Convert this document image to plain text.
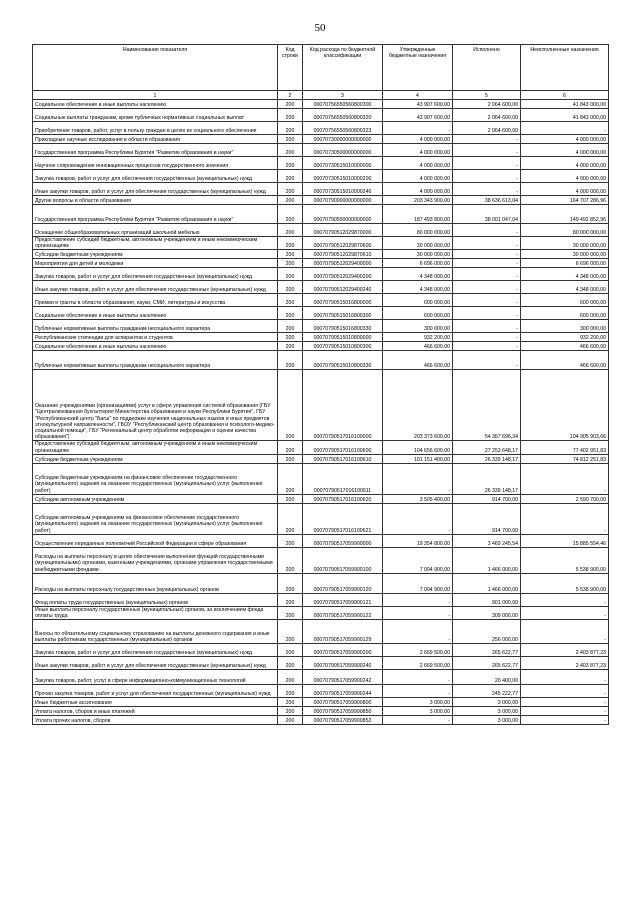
50
Наименование показателя	Код строки	Код расхода по бюджетной классификации	Утвержденные бюджетные назначения	Исполнено	Неисполненные назначения
1	2	3	4	5	6
Социальное обеспечение и иные выплаты населению	200	00070756550560800300	43 907 600,00	2 064 600,00	41 843 000,00
Социальные выплаты гражданам, кроме публичных нормативных социальных выплат	200	00070756550560800320	43 907 600,00	2 064 600,00	41 843 000,00
Приобретение товаров, работ, услуг в пользу граждан в целях их социального обеспечения	200	00070756550560800323	-	2 064 600,00	-
Прикладные научные исследования в области образования	200	00070730000000000000	4 000 000,00	-	4 000 000,00
Государственная программа Республики Бурятия "Развитие образования и науки"	200	00070730500000000000	4 000 000,00	-	4 000 000,00
Научное сопровождение инновационных процессов государственного значения	200	00070730515010000000	4 000 000,00	-	4 000 000,00
Закупка товаров, работ и услуг для обеспечения государственных (муниципальных) нужд	200	00070730515010000200	4 000 000,00	-	4 000 000,00
Иные закупки товаров, работ и услуг для обеспечения государственных (муниципальных) нужд	200	00070730515010000240	4 000 000,00	-	4 000 000,00
Другие вопросы в области образования	200	00070790000000000000	203 343 900,00	38 636 613,04	164 707 286,96
Государственная программа Республики Бурятия "Развитие образования и науки"	200	00070790500000000000	187 493 800,00	38 001 047,04	149 492 852,96
Оснащение общеобразовательных организаций школьной мебелью	200	00070790512029870000	80 000 000,00	-	80 000 000,00
Предоставление субсидий бюджетным, автономным учреждениям и иным некоммерческим организациям	200	00070790512029870600	30 000 000,00	-	30 000 000,00
Субсидии бюджетным учреждениям	200	00070790512029870610	30 000 000,00	-	30 000 000,00
Мероприятия для детей и молодежи	200	00070790512029400000	6 696 000,00	-	6 696 000,00
Закупка товаров, работ и услуг для обеспечения государственных (муниципальных) нужд	200	00070790512029400200	4 348 000,00	-	4 348 000,00
Иные закупки товаров, работ и услуг для обеспечения государственных (муниципальных) нужд	200	00070790512029400240	4 348 000,00	-	4 348 000,00
Премии и гранты в области образования, науки, СМИ, литературы и искусства	200	00070790515016800000	600 000,00	-	600 000,00
Социальное обеспечение и иные выплаты населению	200	00070790515016800300	600 000,00	-	600 000,00
Публичные нормативные выплаты гражданам несоциального характера	200	00070790515016800330	300 000,00	-	300 000,00
Республиканские стипендии для аспирантов и студентов	200	00070790515010800000	932 200,00	-	932 200,00
Социальное обеспечение и иные выплаты населению	200	00070790515010800300	466 600,00	-	466 600,00
Публичные нормативные выплаты гражданам несоциального характера	200	00070790515010800330	466 600,00	-	466 600,00
Оказание учреждениями (организациями) услуг в сфере управления системой образования (ГБУ "Централизованная бухгалтерия Министерства образования и науки Республики Бурятия", ГБУ "Республиканский центр "Багш" по поддержке изучения национальных языков и иных предметов этнокультурной направленности", ГБОУ "Республиканский центр образования и психолого-медико-социальной помощи", ГБУ "Региональный центр обработки информации и оценки качества образования")	200	00070790517016100000	203 373 600,00	54 367 696,34	104 905 903,66
Предоставление субсидий бюджетным, автономным учреждениям и иным некоммерческим организациям	200	00070790517016100600	104 656 600,00	27 253 648,17	77 402 951,83
Субсидии бюджетным учреждениям	200	00070790517016100610	101 151 400,00	26 339 148,17	74 812 251,83
Субсидии бюджетным учреждениям на финансовое обеспечение государственного (муниципального) задания на оказание государственных (муниципальных) услуг (выполнение работ)	200	00070790517016100611	-	26 339 148,17	-
Субсидии автономным учреждениям	200	00070790517016100620	3 505 400,00	914 700,00	2 590 700,00
Субсидии автономным учреждениям на финансовое обеспечение государственного (муниципального) задания на оказание государственных (муниципальных) услуг (выполнение работ)	200	00070790517016100621	-	914 700,00	-
Осуществление переданных полномочий Российской Федерации в сфере образования	200	00070790517059900000	19 354 800,00	3 469 245,54	15 885 554,46
Расходы на выплаты персоналу в целях обеспечения выполнения функций государственными (муниципальными) органами, казенными учреждениями, органами управления государственными внебюджетными фондами	200	00070790517059900100	7 004 900,00	1 466 000,00	5 538 900,00
Расходы на выплаты персоналу государственных (муниципальных) органов	200	00070790517059900120	7 004 900,00	1 466 000,00	5 538 900,00
Фонд оплаты труда государственных (муниципальных) органов	200	00070790517059900121	-	901 000,00	-
Иные выплаты персоналу государственных (муниципальных) органов, за исключением фонда оплаты труда	200	00070790517059900122	-	309 000,00	-
Взносы по обязательному социальному страхованию на выплаты денежного содержания и иные выплаты работникам государственных (муниципальных) органов	200	00070790517059900129	-	256 000,00	-
Закупка товаров, работ и услуг для обеспечения государственных (муниципальных) нужд	200	00070790517059900200	2 669 500,00	265 622,77	2 403 877,23
Иные закупки товаров, работ и услуг для обеспечения государственных (муниципальных) нужд	200	00070790517059900240	2 669 500,00	265 622,77	2 403 877,23
Закупка товаров, работ, услуг в сфере информационно-коммуникационных технологий	200	00070790517059900242	-	20 400,00	-
Прочая закупка товаров, работ и услуг для обеспечения государственных (муниципальных) нужд	200	00070790517059900244	-	245 222,77	-
Иные бюджетные ассигнования	200	00070790517059900800	3 000,00	3 000,00	-
Уплата налогов, сборов и иных платежей	200	00070790517059900850	3 000,00	3 000,00	-
Уплата прочих налогов, сборов	200	00070790517059900852	-	3 000,00	-
